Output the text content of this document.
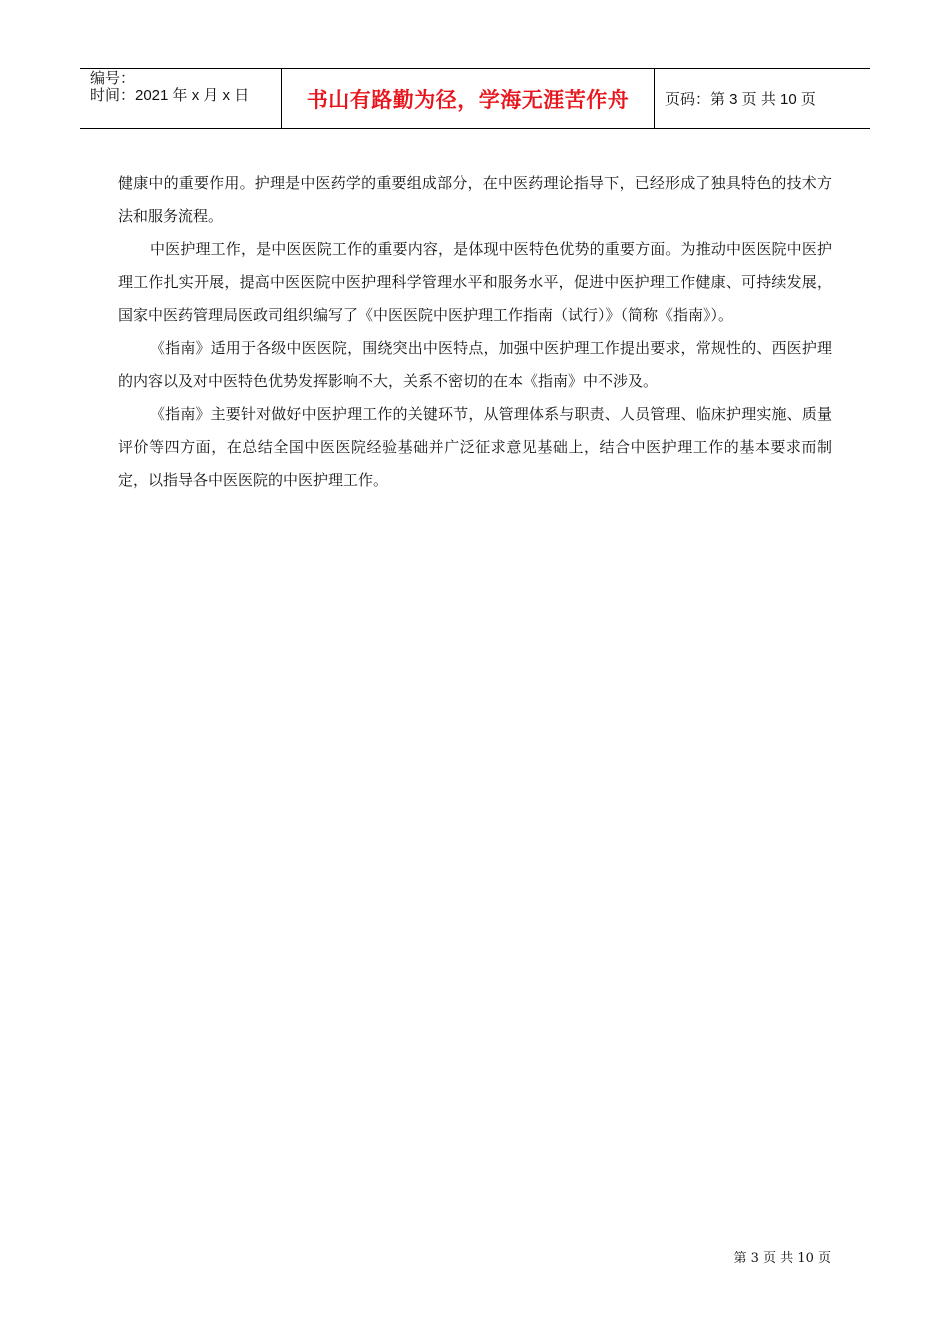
编号：
时间：2021 年 x 月 x 日	书山有路勤为径，学海无涯苦作舟 页码：第 3 页 共 10 页

健康中的重要作用。护理是中医药学的重要组成部分，在中医药理论指导下，已经形成了独具特色的技术方法和服务流程。

中医护理工作，是中医医院工作的重要内容，是体现中医特色优势的重要方面。为推动中医医院中医护理工作扎实开展，提高中医医院中医护理科学管理水平和服务水平，促进中医护理工作健康、可持续发展，国家中医药管理局医政司组织编写了《中医医院中医护理工作指南（试行）》（简称《指南》）。

《指南》适用于各级中医医院，围绕突出中医特点，加强中医护理工作提出要求，常规性的、西医护理的内容以及对中医特色优势发挥影响不大，关系不密切的在本《指南》中不涉及。

《指南》主要针对做好中医护理工作的关键环节，从管理体系与职责、人员管理、临床护理实施、质量评价等四方面，在总结全国中医医院经验基础并广泛征求意见基础上，结合中医护理工作的基本要求而制定，以指导各中医医院的中医护理工作。

第 3 页 共 10 页
